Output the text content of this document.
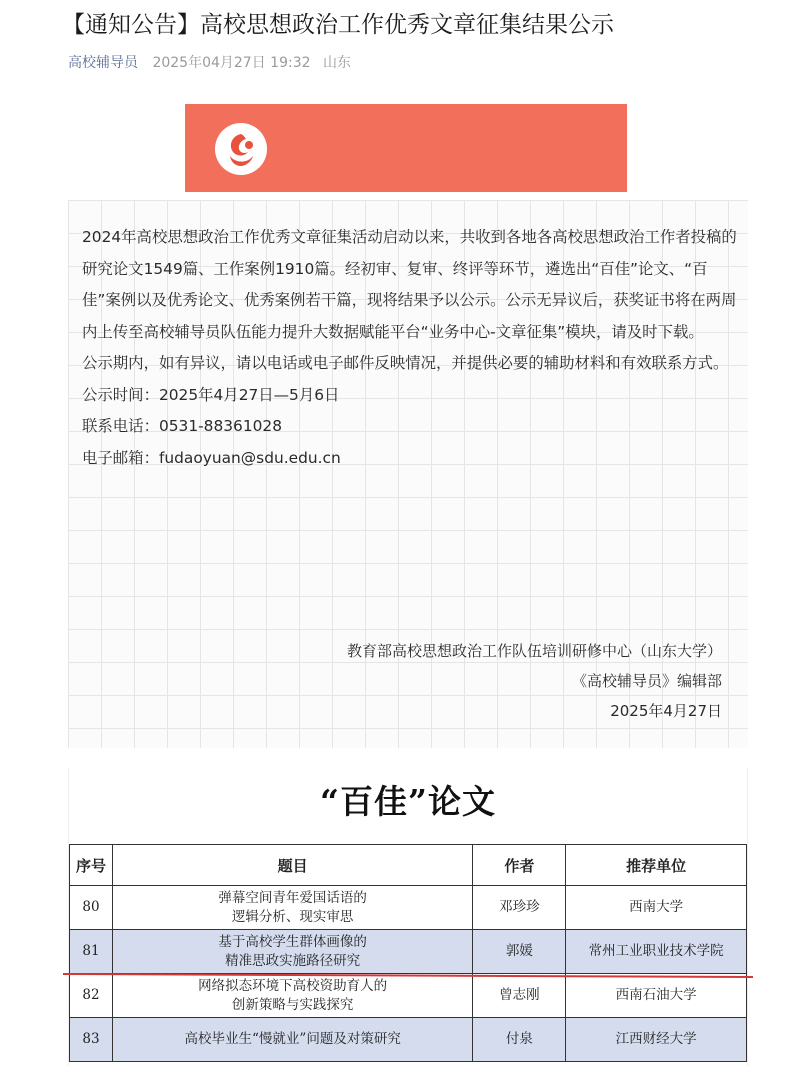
【通知公告】高校思想政治工作优秀文章征集结果公示
高校辅导员 2025年04月27日 19:32 山东

2024年高校思想政治工作优秀文章征集活动启动以来，共收到各地各高校思想政治工作者投稿的研究论文1549篇、工作案例1910篇。经初审、复审、终评等环节，遴选出“百佳”论文、“百佳”案例以及优秀论文、优秀案例若干篇，现将结果予以公示。公示无异议后，获奖证书将在两周内上传至高校辅导员队伍能力提升大数据赋能平台“业务中心-文章征集”模块，请及时下载。

公示期内，如有异议，请以电话或电子邮件反映情况，并提供必要的辅助材料和有效联系方式。

公示时间：2025年4月27日—5月6日

联系电话：0531-88361028

电子邮箱：fudaoyuan@sdu.edu.cn

教育部高校思想政治工作队伍培训研修中心（山东大学）
《高校辅导员》编辑部
2025年4月27日
“百佳”论文
序号	题目	作者	推荐单位
80	弹幕空间青年爱国话语的
逻辑分析、现实审思	邓珍珍	西南大学
81	基于高校学生群体画像的
精准思政实施路径研究	郭媛	常州工业职业技术学院
82	网络拟态环境下高校资助育人的
创新策略与实践探究	曾志刚	西南石油大学
83	高校毕业生“慢就业”问题及对策研究	付泉	江西财经大学
